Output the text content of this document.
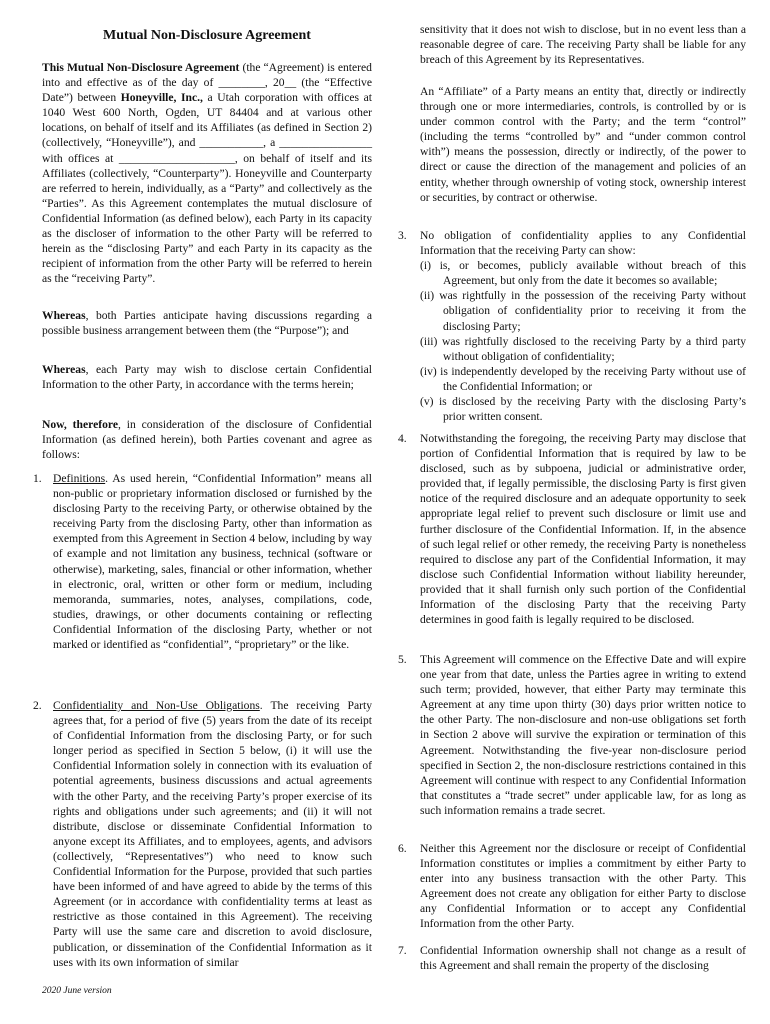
Mutual Non-Disclosure Agreement
This Mutual Non-Disclosure Agreement (the “Agreement) is entered into and effective as of the day of ________, 20__ (the “Effective Date”) between Honeyville, Inc., a Utah corporation with offices at 1040 West 600 North, Ogden, UT 84404 and at various other locations, on behalf of itself and its Affiliates (as defined in Section 2) (collectively, “Honeyville”), and ___________, a ________________ with offices at ____________________, on behalf of itself and its Affiliates (collectively, “Counterparty”). Honeyville and Counterparty are referred to herein, individually, as a “Party” and collectively as the “Parties”. As this Agreement contemplates the mutual disclosure of Confidential Information (as defined below), each Party in its capacity as the discloser of information to the other Party will be referred to herein as the “disclosing Party” and each Party in its capacity as the recipient of information from the other Party will be referred to herein as the “receiving Party”.
Whereas, both Parties anticipate having discussions regarding a possible business arrangement between them (the “Purpose”); and
Whereas, each Party may wish to disclose certain Confidential Information to the other Party, in accordance with the terms herein;
Now, therefore, in consideration of the disclosure of Confidential Information (as defined herein), both Parties covenant and agree as follows:
1. Definitions. As used herein, “Confidential Information” means all non-public or proprietary information disclosed or furnished by the disclosing Party to the receiving Party, or otherwise obtained by the receiving Party from the disclosing Party, other than information as exempted from this Agreement in Section 4 below, including by way of example and not limitation any business, technical (software or otherwise), marketing, sales, financial or other information, whether in electronic, oral, written or other form or medium, including memoranda, summaries, notes, analyses, compilations, code, studies, drawings, or other documents containing or reflecting Confidential Information of the disclosing Party, whether or not marked or identified as “confidential”, “proprietary” or the like.
2. Confidentiality and Non-Use Obligations. The receiving Party agrees that, for a period of five (5) years from the date of its receipt of Confidential Information from the disclosing Party, or for such longer period as specified in Section 5 below, (i) it will use the Confidential Information solely in connection with its evaluation of potential agreements, business discussions and actual agreements with the other Party, and the receiving Party’s proper exercise of its rights and obligations under such agreements; and (ii) it will not distribute, disclose or disseminate Confidential Information to anyone except its Affiliates, and to employees, agents, and advisors (collectively, “Representatives”) who need to know such Confidential Information for the Purpose, provided that such parties have been informed of and have agreed to abide by the terms of this Agreement (or in accordance with confidentiality terms at least as restrictive as those contained in this Agreement). The receiving Party will use the same care and discretion to avoid disclosure, publication, or dissemination of the Confidential Information as it uses with its own information of similar
2020 June version
sensitivity that it does not wish to disclose, but in no event less than a reasonable degree of care. The receiving Party shall be liable for any breach of this Agreement by its Representatives.
An “Affiliate” of a Party means an entity that, directly or indirectly through one or more intermediaries, controls, is controlled by or is under common control with the Party; and the term “control” (including the terms “controlled by” and “under common control with”) means the possession, directly or indirectly, of the power to direct or cause the direction of the management and policies of an entity, whether through ownership of voting stock, ownership interest or securities, by contract or otherwise.
3. No obligation of confidentiality applies to any Confidential Information that the receiving Party can show:

(i) is, or becomes, publicly available without breach of this Agreement, but only from the date it becomes so available;

(ii) was rightfully in the possession of the receiving Party without obligation of confidentiality prior to receiving it from the disclosing Party;

(iii) was rightfully disclosed to the receiving Party by a third party without obligation of confidentiality;

(iv) is independently developed by the receiving Party without use of the Confidential Information; or

(v) is disclosed by the receiving Party with the disclosing Party’s prior written consent.

4. Notwithstanding the foregoing, the receiving Party may disclose that portion of Confidential Information that is required by law to be disclosed, such as by subpoena, judicial or administrative order, provided that, if legally permissible, the disclosing Party is first given notice of the required disclosure and an adequate opportunity to seek appropriate legal relief to prevent such disclosure or limit use and further disclosure of the Confidential Information. If, in the absence of such legal relief or other remedy, the receiving Party is nonetheless required to disclose any part of the Confidential Information, it may disclose such Confidential Information without liability hereunder, provided that it shall furnish only such portion of the Confidential Information of the disclosing Party that the receiving Party determines in good faith is legally required to be disclosed.
5. This Agreement will commence on the Effective Date and will expire one year from that date, unless the Parties agree in writing to extend such term; provided, however, that either Party may terminate this Agreement at any time upon thirty (30) days prior written notice to the other Party. The non-disclosure and non-use obligations set forth in Section 2 above will survive the expiration or termination of this Agreement. Notwithstanding the five-year non-disclosure period specified in Section 2, the non-disclosure restrictions contained in this Agreement will continue with respect to any Confidential Information that constitutes a “trade secret” under applicable law, for as long as such information remains a trade secret.
6. Neither this Agreement nor the disclosure or receipt of Confidential Information constitutes or implies a commitment by either Party to enter into any business transaction with the other Party. This Agreement does not create any obligation for either Party to disclose any Confidential Information or to accept any Confidential Information from the other Party.
7. Confidential Information ownership shall not change as a result of this Agreement and shall remain the property of the disclosing
